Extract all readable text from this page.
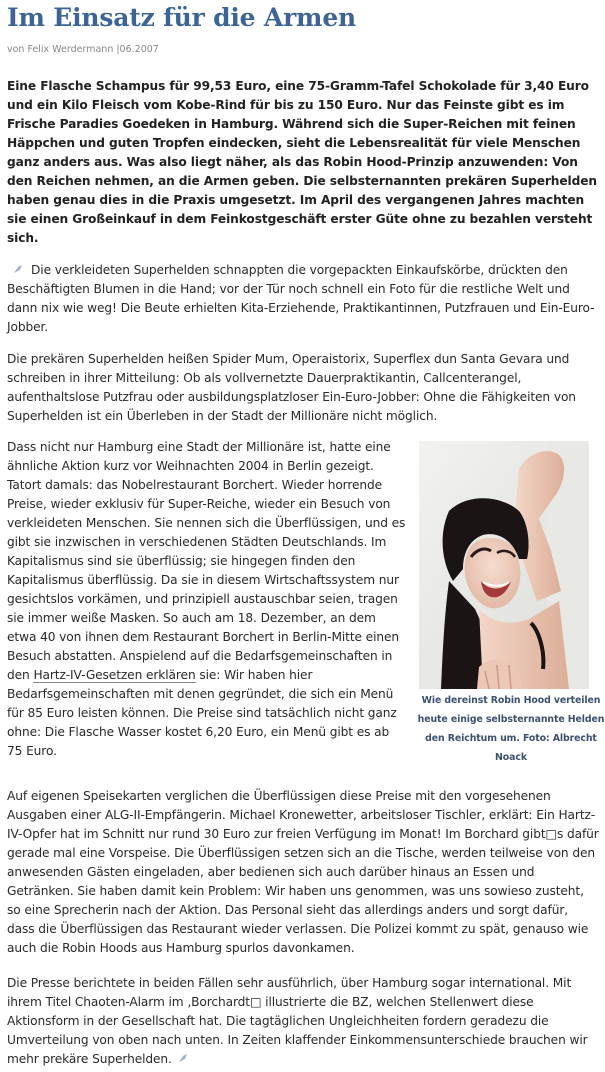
Im Einsatz für die Armen
von Felix Werdermann |06.2007

Eine Flasche Schampus für 99,53 Euro, eine 75-Gramm-Tafel Schokolade für 3,40 Euro und ein Kilo Fleisch vom Kobe-Rind für bis zu 150 Euro. Nur das Feinste gibt es im Frische Paradies Goedeken in Hamburg. Während sich die Super-Reichen mit feinen Häppchen und guten Tropfen eindecken, sieht die Lebensrealität für viele Menschen ganz anders aus. Was also liegt näher, als das Robin Hood-Prinzip anzuwenden: Von den Reichen nehmen, an die Armen geben. Die selbsternannten prekären Superhelden haben genau dies in die Praxis umgesetzt. Im April des vergangenen Jahres machten sie einen Großeinkauf in dem Feinkostgeschäft erster Güte ohne zu bezahlen versteht sich.

Die verkleideten Superhelden schnappten die vorgepackten Einkaufskörbe, drückten den Beschäftigten Blumen in die Hand; vor der Tür noch schnell ein Foto für die restliche Welt und dann nix wie weg! Die Beute erhielten Kita-Erziehende, Praktikantinnen, Putzfrauen und Ein-Euro-Jobber.

Die prekären Superhelden heißen Spider Mum, Operaistorix, Superflex dun Santa Gevara und schreiben in ihrer Mitteilung: Ob als vollvernetzte Dauerpraktikantin, Callcenterangel, aufenthaltslose Putzfrau oder ausbildungsplatzloser Ein-Euro-Jobber: Ohne die Fähigkeiten von Superhelden ist ein Überleben in der Stadt der Millionäre nicht möglich.

Wie dereinst Robin Hood verteilen heute einige selbsternannte Helden den Reichtum um. Foto: Albrecht Noack
Dass nicht nur Hamburg eine Stadt der Millionäre ist, hatte eine ähnliche Aktion kurz vor Weihnachten 2004 in Berlin gezeigt. Tatort damals: das Nobelrestaurant Borchert. Wieder horrende Preise, wieder exklusiv für Super-Reiche, wieder ein Besuch von verkleideten Menschen. Sie nennen sich die Überflüssigen, und es gibt sie inzwischen in verschiedenen Städten Deutschlands. Im Kapitalismus sind sie überflüssig; sie hingegen finden den Kapitalismus überflüssig. Da sie in diesem Wirtschaftssystem nur gesichtslos vorkämen, und prinzipiell austauschbar seien, tragen sie immer weiße Masken. So auch am 18. Dezember, an dem etwa 40 von ihnen dem Restaurant Borchert in Berlin-Mitte einen Besuch abstatten. Anspielend auf die Bedarfsgemeinschaften in den Hartz-IV-Gesetzen erklären sie: Wir haben hier Bedarfsgemeinschaften mit denen gegründet, die sich ein Menü für 85 Euro leisten können. Die Preise sind tatsächlich nicht ganz ohne: Die Flasche Wasser kostet 6,20 Euro, ein Menü gibt es ab 75 Euro.

Auf eigenen Speisekarten verglichen die Überflüssigen diese Preise mit den vorgesehenen Ausgaben einer ALG-II-Empfängerin. Michael Kronewetter, arbeitsloser Tischler, erklärt: Ein Hartz-IV-Opfer hat im Schnitt nur rund 30 Euro zur freien Verfügung im Monat! Im Borchard gibt□s dafür gerade mal eine Vorspeise. Die Überflüssigen setzen sich an die Tische, werden teilweise von den anwesenden Gästen eingeladen, aber bedienen sich auch darüber hinaus an Essen und Getränken. Sie haben damit kein Problem: Wir haben uns genommen, was uns sowieso zusteht, so eine Sprecherin nach der Aktion. Das Personal sieht das allerdings anders und sorgt dafür, dass die Überflüssigen das Restaurant wieder verlassen. Die Polizei kommt zu spät, genauso wie auch die Robin Hoods aus Hamburg spurlos davonkamen.

Die Presse berichtete in beiden Fällen sehr ausführlich, über Hamburg sogar international. Mit ihrem Titel Chaoten-Alarm im ‚Borchardt□ illustrierte die BZ, welchen Stellenwert diese Aktionsform in der Gesellschaft hat. Die tagtäglichen Ungleichheiten fordern geradezu die Umverteilung von oben nach unten. In Zeiten klaffender Einkommensunterschiede brauchen wir mehr prekäre Superhelden.
